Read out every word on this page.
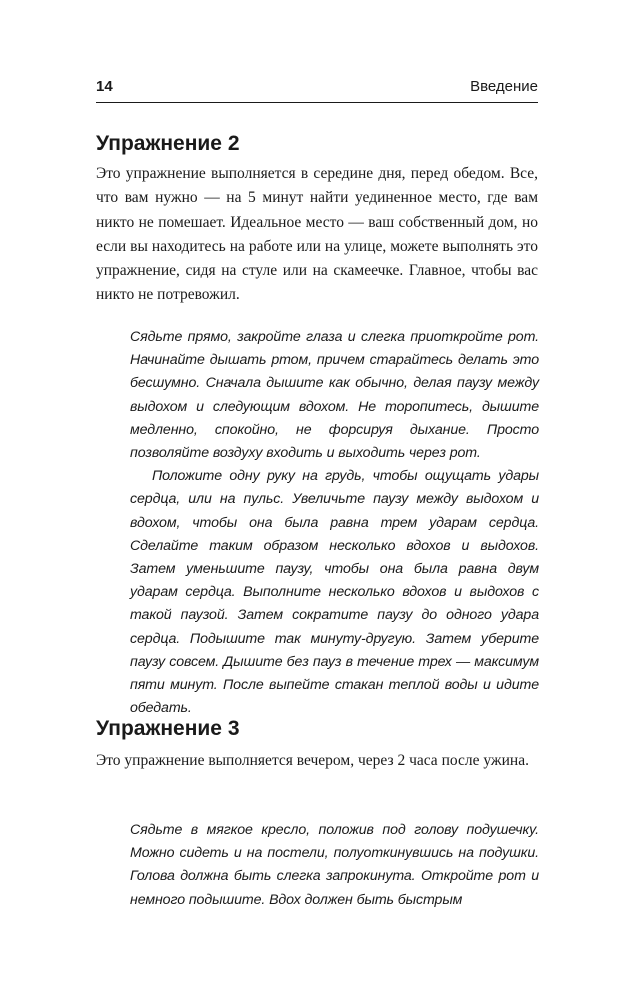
14	Введение
Упражнение 2

Это упражнение выполняется в середине дня, перед обедом. Все, что вам нужно — на 5 минут найти уединенное место, где вам никто не помешает. Идеальное место — ваш собственный дом, но если вы находитесь на работе или на улице, можете выполнять это упражнение, сидя на стуле или на скамеечке. Главное, чтобы вас никто не потревожил.

Сядьте прямо, закройте глаза и слегка приоткройте рот. Начинайте дышать ртом, причем старайтесь делать это бесшумно. Сначала дышите как обычно, делая паузу между выдохом и следующим вдохом. Не торопитесь, дышите медленно, спокойно, не форсируя дыхание. Просто позволяйте воздуху входить и выходить через рот.

Положите одну руку на грудь, чтобы ощущать удары сердца, или на пульс. Увеличьте паузу между выдохом и вдохом, чтобы она была равна трем ударам сердца. Сделайте таким образом несколько вдохов и выдохов. Затем уменьшите паузу, чтобы она была равна двум ударам сердца. Выполните несколько вдохов и выдохов с такой паузой. Затем сократите паузу до одного удара сердца. Подышите так минуту-другую. Затем уберите паузу совсем. Дышите без пауз в течение трех — максимум пяти минут. После выпейте стакан теплой воды и идите обедать.

Упражнение 3

Это упражнение выполняется вечером, через 2 часа после ужина.

Сядьте в мягкое кресло, положив под голову подушечку. Можно сидеть и на постели, полуоткинувшись на подушки. Голова должна быть слегка запрокинута. Откройте рот и немного подышите. Вдох должен быть быстрым
